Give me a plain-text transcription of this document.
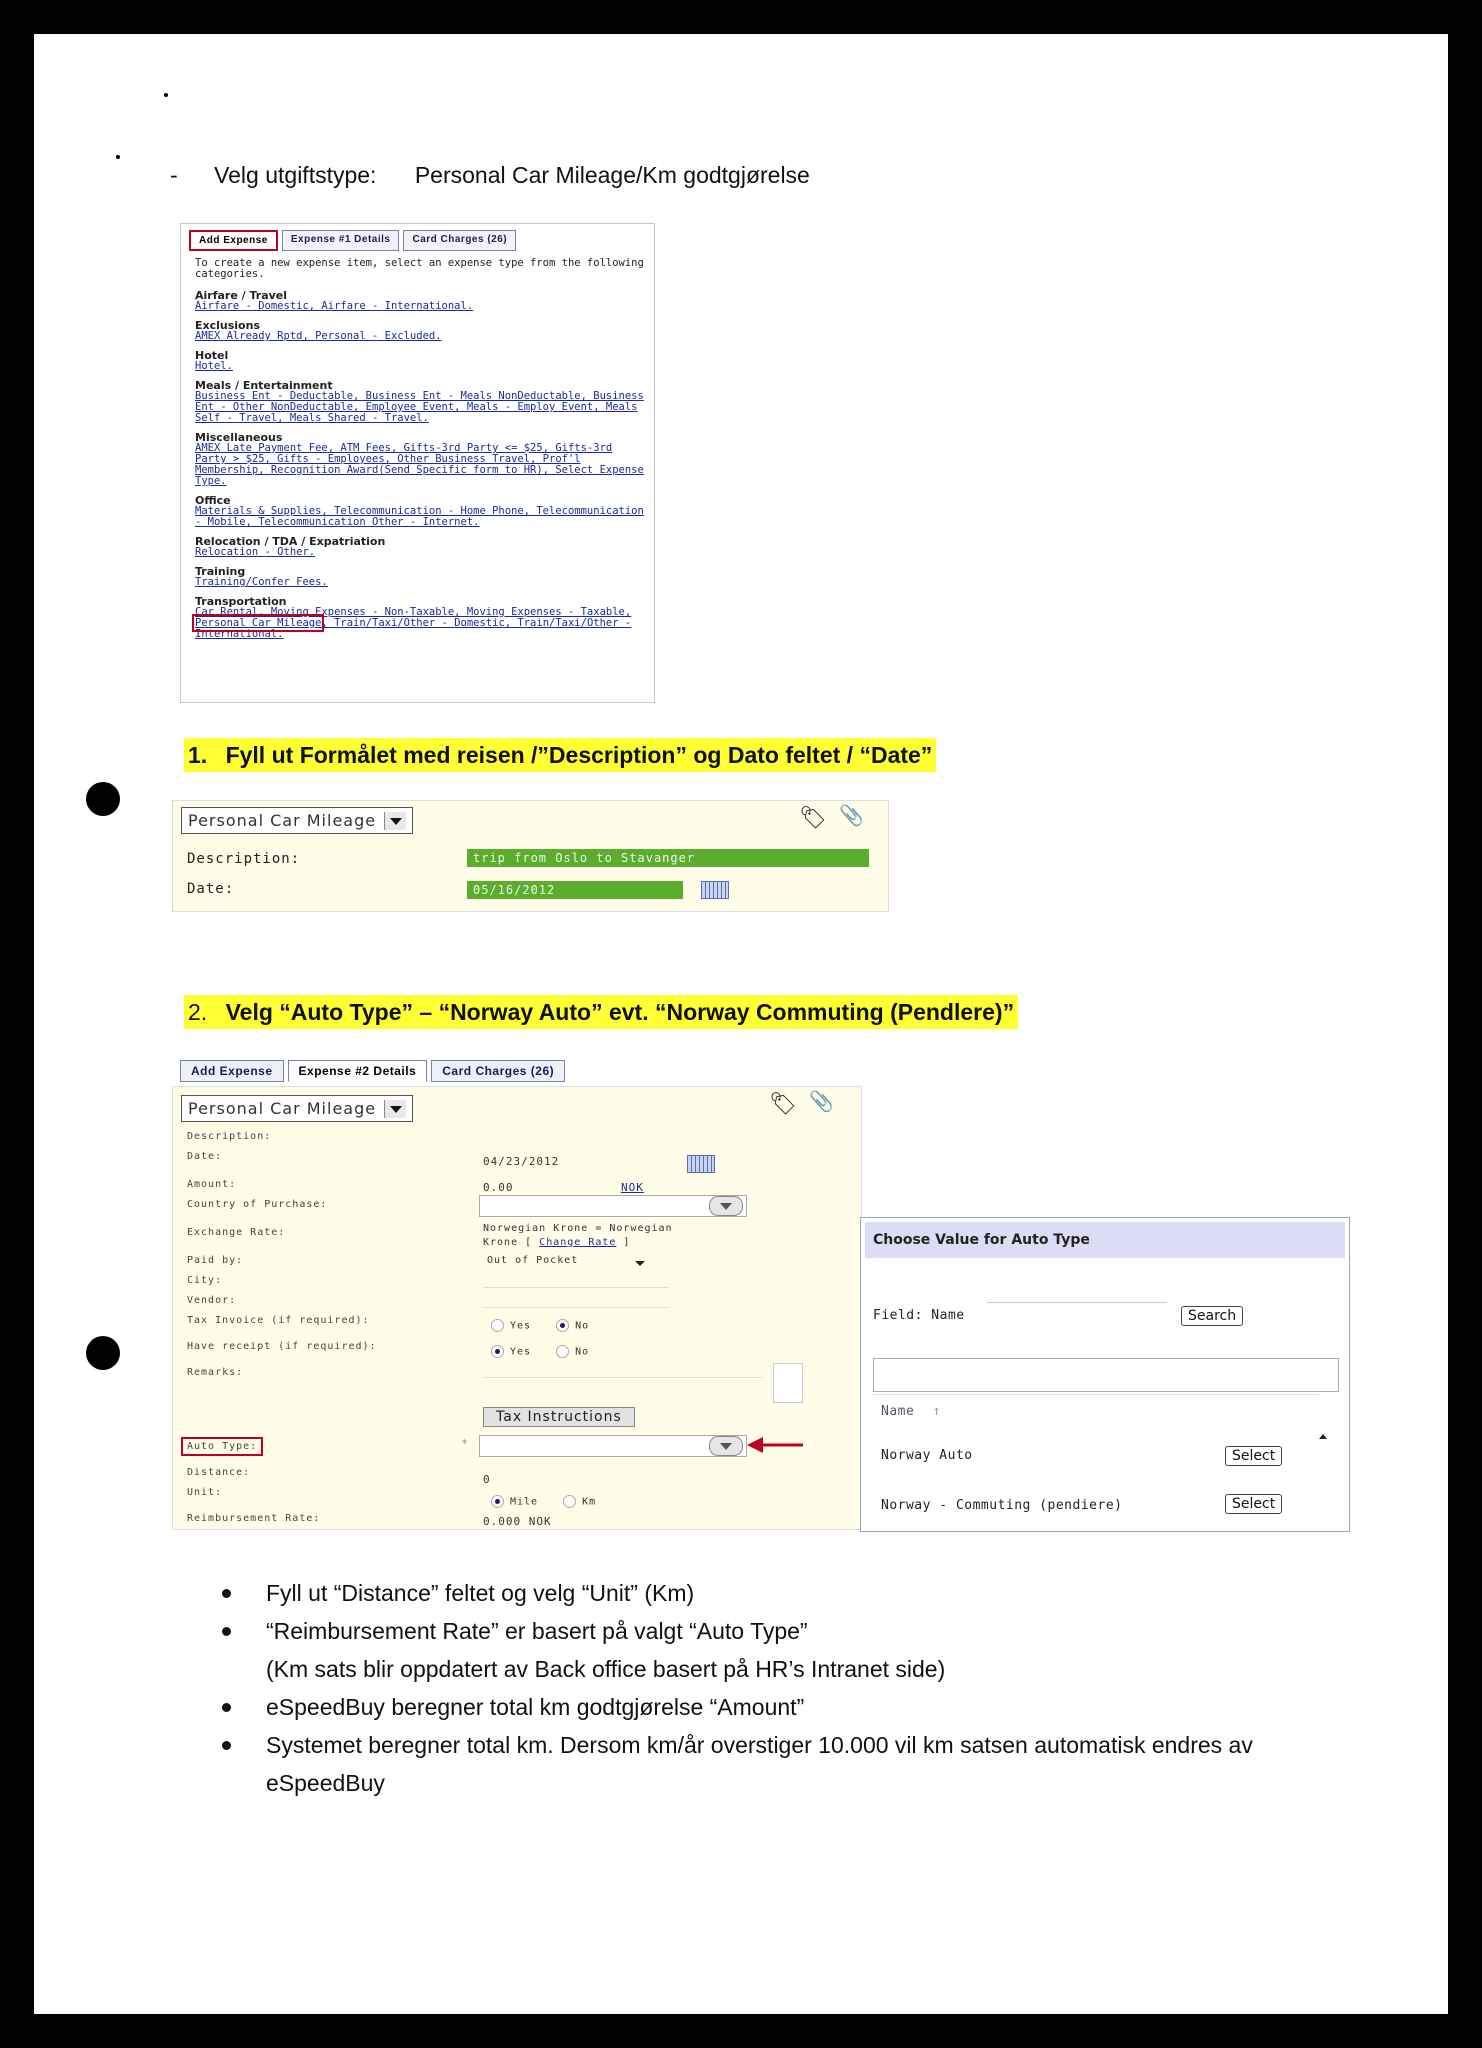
- Velg utgiftstype: Personal Car Mileage/Km godtgjørelse
Add Expense	Expense #1 Details	Card Charges (26)
To create a new expense item, select an expense type from the following categories.
Airfare / Travel
Airfare - Domestic, Airfare - International.
Exclusions
AMEX Already Rptd, Personal - Excluded.
Hotel
Hotel.
Meals / Entertainment
Business Ent - Deductable, Business Ent - Meals NonDeductable, Business Ent - Other NonDeductable, Employee Event, Meals - Employ Event, Meals Self - Travel, Meals Shared - Travel.
Miscellaneous
AMEX Late Payment Fee, ATM Fees, Gifts-3rd Party <= $25, Gifts-3rd Party > $25, Gifts - Employees, Other Business Travel, Prof'l Membership, Recognition Award(Send Specific form to HR), Select Expense Type.
Office
Materials & Supplies, Telecommunication - Home Phone, Telecommunication - Mobile, Telecommunication Other - Internet.
Relocation / TDA / Expatriation
Relocation - Other.
Training
Training/Confer Fees.
Transportation
Car Rental, Moving Expenses - Non-Taxable, Moving Expenses - Taxable, Personal Car Mileage, Train/Taxi/Other - Domestic, Train/Taxi/Other - International.
1. Fyll ut Formålet med reisen /”Description” og Dato feltet / “Date”
Personal Car Mileage	🏷 📎
Description:	trip from Oslo to Stavanger
Date:	05/16/2012
2. Velg “Auto Type” – “Norway Auto” evt. “Norway Commuting (Pendlere)”
Add Expense	Expense #2 Details	Card Charges (26)
Personal Car Mileage	🏷 📎
Description:
Date:	04/23/2012
Amount:	0.00	NOK
Country of Purchase:
Exchange Rate:	Norwegian Krone = Norwegian
Krone [ Change Rate ]
Paid by:	Out of Pocket
City:
Vendor:
Tax Invoice (if required):	Yes	No
Have receipt (if required):	Yes	No
Remarks:
Tax Instructions
Auto Type:	*
Distance:
0
Unit:
Mile	Km
Reimbursement Rate:	0.000 NOK
Choose Value for Auto Type
Field: Name	Search
Name ↑
Norway Auto	Select
Norway - Commuting (pendiere)	Select
Fyll ut “Distance” feltet og velg “Unit” (Km)
“Reimbursement Rate” er basert på valgt “Auto Type”
(Km sats blir oppdatert av Back office basert på HR’s Intranet side)
eSpeedBuy beregner total km godtgjørelse “Amount”
Systemet beregner total km. Dersom km/år overstiger 10.000 vil km satsen automatisk endres av
eSpeedBuy
